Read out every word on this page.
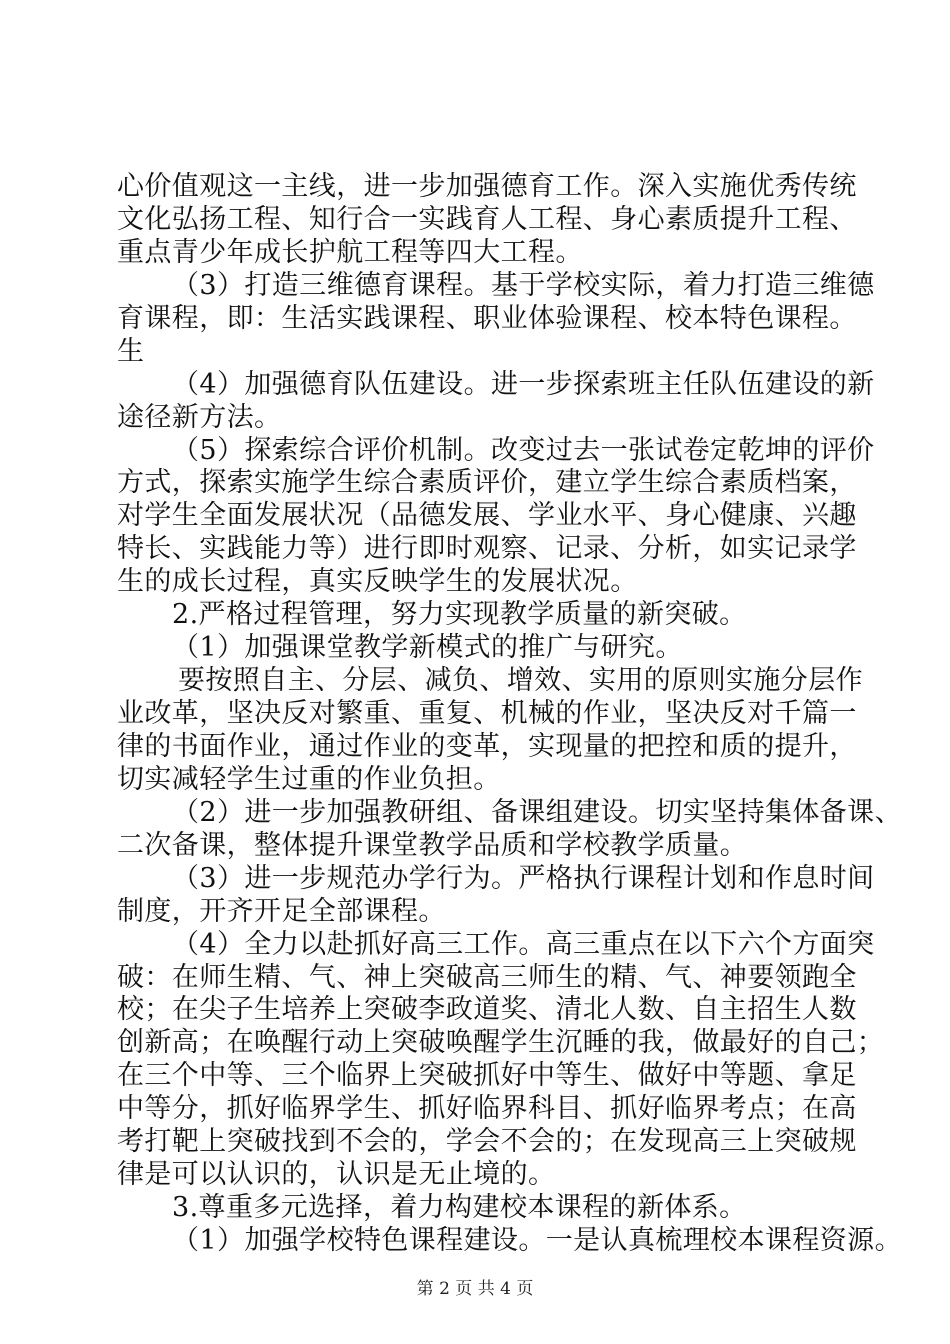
心价值观这一主线，进一步加强德育工作。深入实施优秀传统
文化弘扬工程、知行合一实践育人工程、身心素质提升工程、
重点青少年成长护航工程等四大工程。
（3）打造三维德育课程。基于学校实际，着力打造三维德
育课程，即：生活实践课程、职业体验课程、校本特色课程。
生
（4）加强德育队伍建设。进一步探索班主任队伍建设的新
途径新方法。
（5）探索综合评价机制。改变过去一张试卷定乾坤的评价
方式，探索实施学生综合素质评价，建立学生综合素质档案，
对学生全面发展状况（品德发展、学业水平、身心健康、兴趣
特长、实践能力等）进行即时观察、记录、分析，如实记录学
生的成长过程，真实反映学生的发展状况。
2.严格过程管理，努力实现教学质量的新突破。
（1）加强课堂教学新模式的推广与研究。
要按照自主、分层、减负、增效、实用的原则实施分层作
业改革，坚决反对繁重、重复、机械的作业，坚决反对千篇一
律的书面作业，通过作业的变革，实现量的把控和质的提升，
切实减轻学生过重的作业负担。
（2）进一步加强教研组、备课组建设。切实坚持集体备课、
二次备课，整体提升课堂教学品质和学校教学质量。
（3）进一步规范办学行为。严格执行课程计划和作息时间
制度，开齐开足全部课程。
（4）全力以赴抓好高三工作。高三重点在以下六个方面突
破：在师生精、气、神上突破高三师生的精、气、神要领跑全
校；在尖子生培养上突破李政道奖、清北人数、自主招生人数
创新高；在唤醒行动上突破唤醒学生沉睡的我，做最好的自己；
在三个中等、三个临界上突破抓好中等生、做好中等题、拿足
中等分，抓好临界学生、抓好临界科目、抓好临界考点；在高
考打靶上突破找到不会的，学会不会的；在发现高三上突破规
律是可以认识的，认识是无止境的。
3.尊重多元选择，着力构建校本课程的新体系。
（1）加强学校特色课程建设。一是认真梳理校本课程资源。
第 2 页 共 4 页
